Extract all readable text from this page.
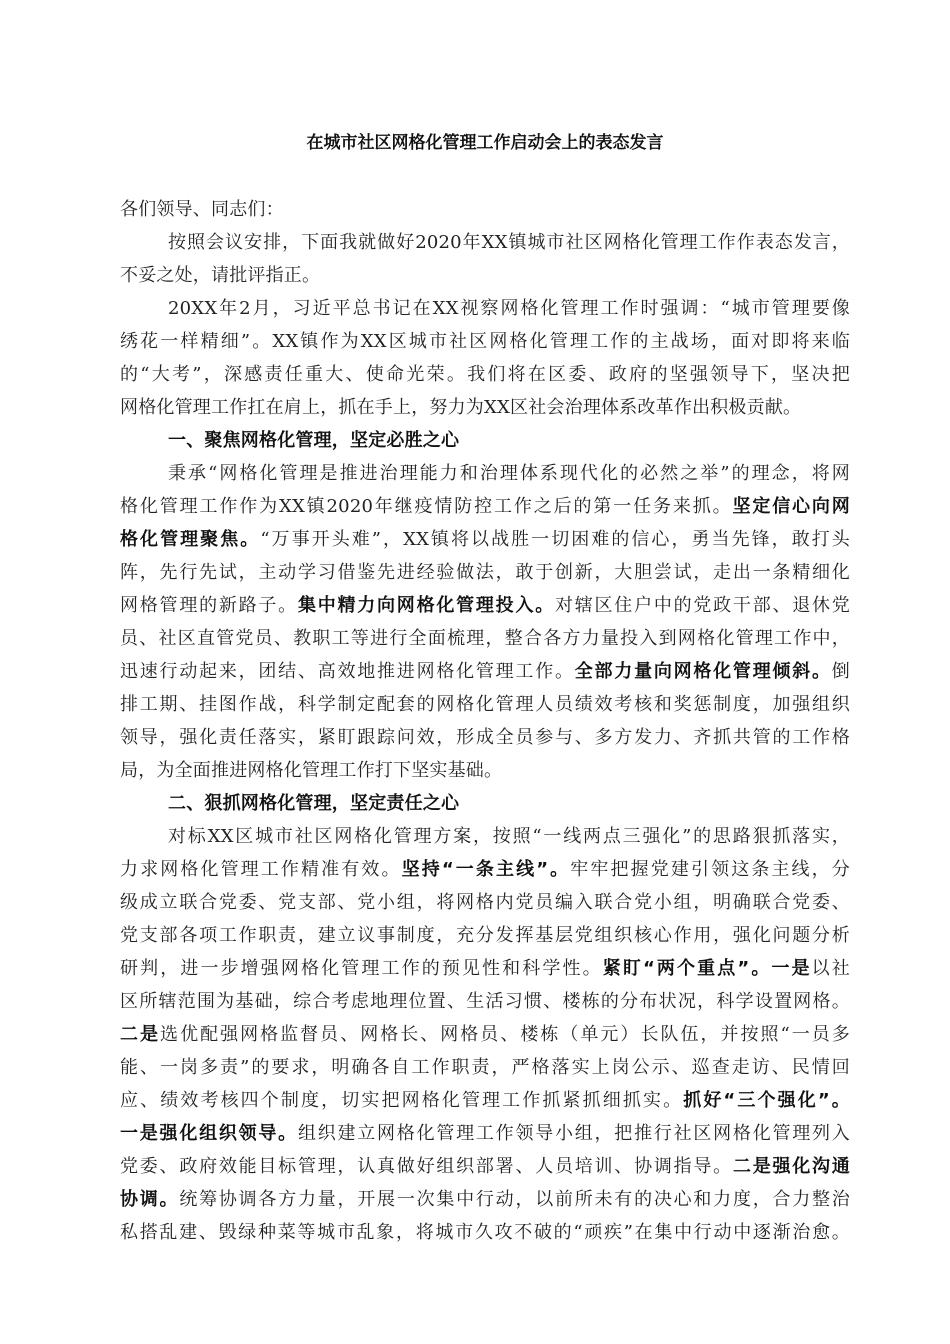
在城市社区网格化管理工作启动会上的表态发言
各们领导、同志们：
按照会议安排，下面我就做好2020年XX镇城市社区网格化管理工作作表态发言，
不妥之处，请批评指正。
20XX年2月，习近平总书记在XX视察网格化管理工作时强调：“城市管理要像
绣花一样精细”。XX镇作为XX区城市社区网格化管理工作的主战场，面对即将来临
的“大考”，深感责任重大、使命光荣。我们将在区委、政府的坚强领导下，坚决把
网格化管理工作扛在肩上，抓在手上，努力为XX区社会治理体系改革作出积极贡献。
一、聚焦网格化管理，坚定必胜之心
秉承“网格化管理是推进治理能力和治理体系现代化的必然之举”的理念，将网
格化管理工作作为XX镇2020年继疫情防控工作之后的第一任务来抓。坚定信心向网
格化管理聚焦。“万事开头难”，XX镇将以战胜一切困难的信心，勇当先锋，敢打头
阵，先行先试，主动学习借鉴先进经验做法，敢于创新，大胆尝试，走出一条精细化
网格管理的新路子。集中精力向网格化管理投入。对辖区住户中的党政干部、退休党
员、社区直管党员、教职工等进行全面梳理，整合各方力量投入到网格化管理工作中，
迅速行动起来，团结、高效地推进网格化管理工作。全部力量向网格化管理倾斜。倒
排工期、挂图作战，科学制定配套的网格化管理人员绩效考核和奖惩制度，加强组织
领导，强化责任落实，紧盯跟踪问效，形成全员参与、多方发力、齐抓共管的工作格
局，为全面推进网格化管理工作打下坚实基础。
二、狠抓网格化管理，坚定责任之心
对标XX区城市社区网格化管理方案，按照“一线两点三强化”的思路狠抓落实，
力求网格化管理工作精准有效。坚持“一条主线”。牢牢把握党建引领这条主线，分
级成立联合党委、党支部、党小组，将网格内党员编入联合党小组，明确联合党委、
党支部各项工作职责，建立议事制度，充分发挥基层党组织核心作用，强化问题分析
研判，进一步增强网格化管理工作的预见性和科学性。紧盯“两个重点”。一是以社
区所辖范围为基础，综合考虑地理位置、生活习惯、楼栋的分布状况，科学设置网格。
二是选优配强网格监督员、网格长、网格员、楼栋（单元）长队伍，并按照“一员多
能、一岗多责”的要求，明确各自工作职责，严格落实上岗公示、巡查走访、民情回
应、绩效考核四个制度，切实把网格化管理工作抓紧抓细抓实。抓好“三个强化”。
一是强化组织领导。组织建立网格化管理工作领导小组，把推行社区网格化管理列入
党委、政府效能目标管理，认真做好组织部署、人员培训、协调指导。二是强化沟通
协调。统筹协调各方力量，开展一次集中行动，以前所未有的决心和力度，合力整治
私搭乱建、毁绿种菜等城市乱象，将城市久攻不破的“顽疾”在集中行动中逐渐治愈。
